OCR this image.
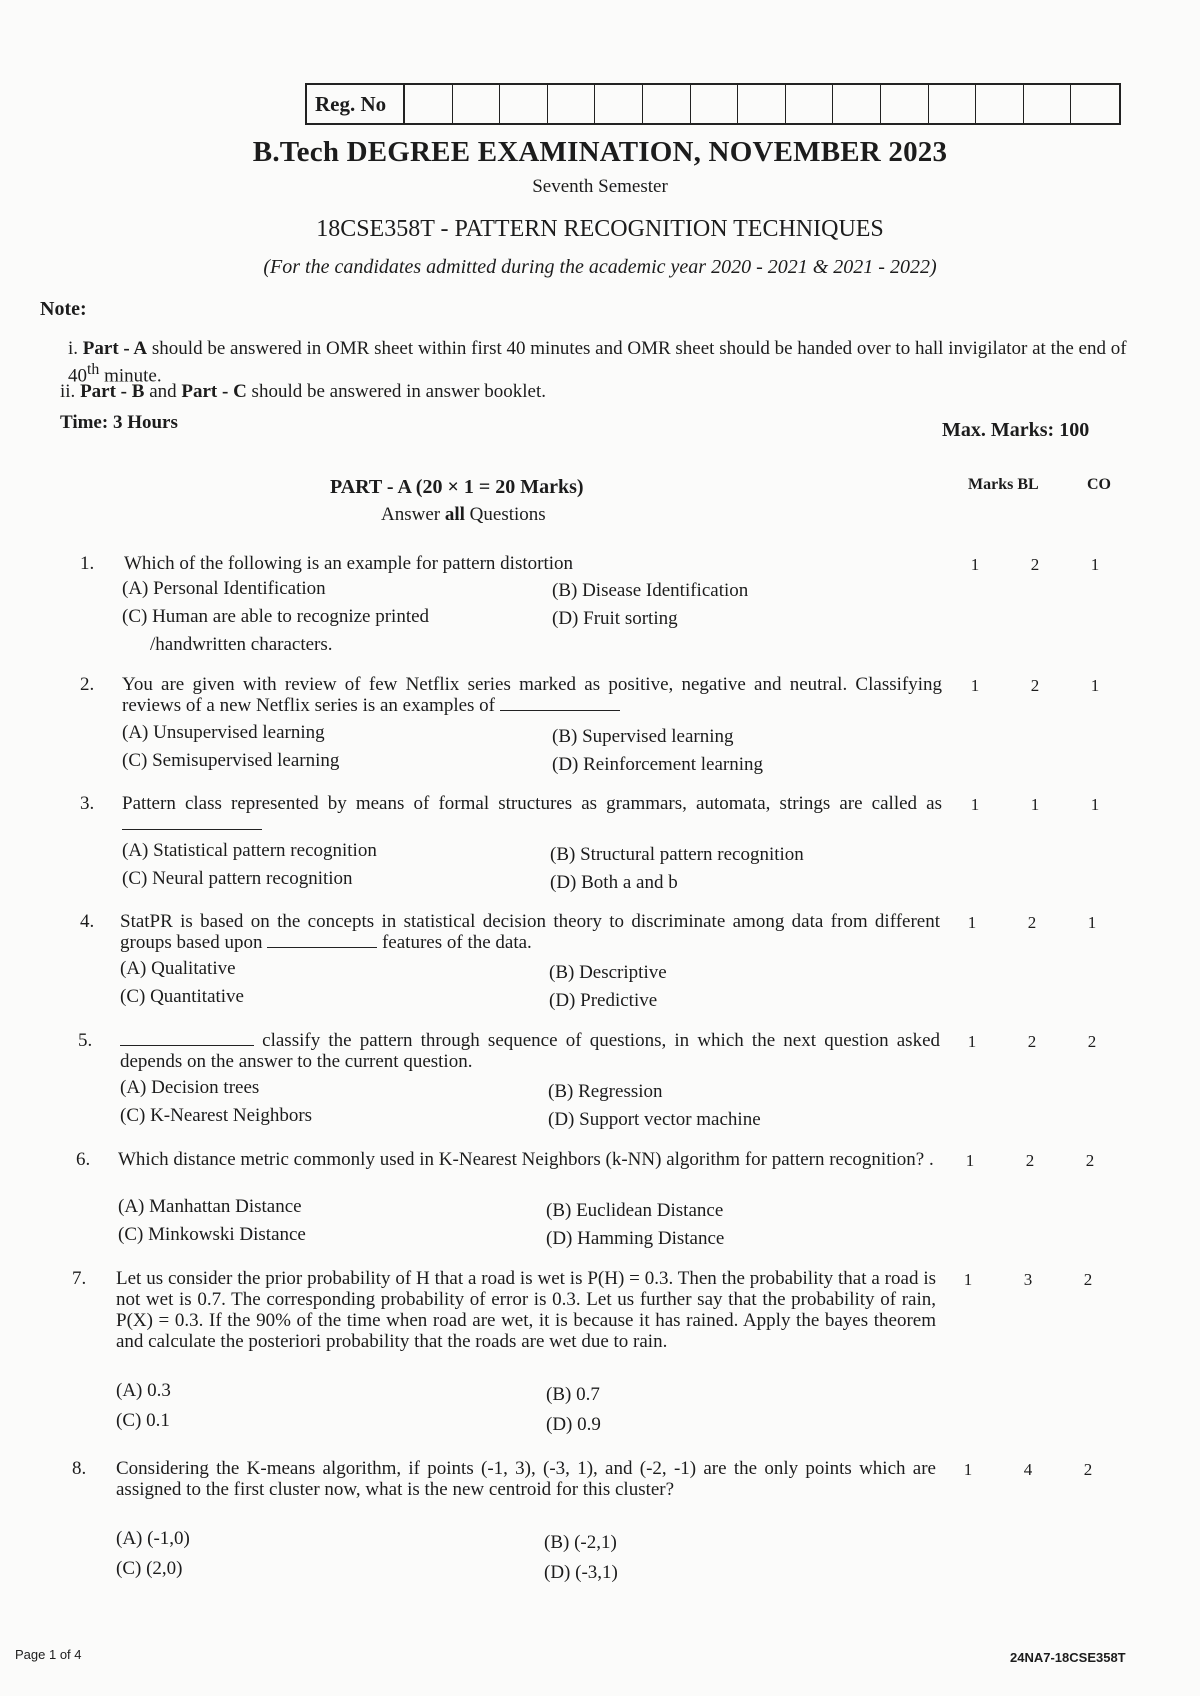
Reg. No
B.Tech DEGREE EXAMINATION, NOVEMBER 2023
Seventh Semester
18CSE358T - PATTERN RECOGNITION TECHNIQUES
(For the candidates admitted during the academic year 2020 - 2021 & 2021 - 2022)
Note:
i. Part - A should be answered in OMR sheet within first 40 minutes and OMR sheet should be handed over to hall invigilator at the end of 40th minute.
ii. Part - B and Part - C should be answered in answer booklet.
Time: 3 Hours	Max. Marks: 100
PART - A (20 × 1 = 20 Marks)
Answer all Questions
Marks BL	CO
1. Which of the following is an example for pattern distortion
(A) Personal Identification	(B) Disease Identification
(C) Human are able to recognize printed
/handwritten characters.
(D) Fruit sorting
1	2	1
2. You are given with review of few Netflix series marked as positive, negative and neutral. Classifying reviews of a new Netflix series is an examples of
(A) Unsupervised learning	(B) Supervised learning
(C) Semisupervised learning	(D) Reinforcement learning
1	2	1
3. Pattern class represented by means of formal structures as grammars, automata, strings are called as
(A) Statistical pattern recognition	(B) Structural pattern recognition
(C) Neural pattern recognition	(D) Both a and b
1	1	1
4. StatPR is based on the concepts in statistical decision theory to discriminate among data from different groups based upon	features of the data.
(A) Qualitative	(B) Descriptive
(C) Quantitative	(D) Predictive
1	2	1
5.	classify the pattern through sequence of questions, in which the next question asked depends on the answer to the current question.
(A) Decision trees	(B) Regression
(C) K-Nearest Neighbors	(D) Support vector machine
1	2	2
6. Which distance metric commonly used in K-Nearest Neighbors (k-NN) algorithm for pattern recognition? .
(A) Manhattan Distance	(B) Euclidean Distance
(C) Minkowski Distance	(D) Hamming Distance
1	2	2
7. Let us consider the prior probability of H that a road is wet is P(H) = 0.3. Then the probability that a road is not wet is 0.7. The corresponding probability of error is 0.3. Let us further say that the probability of rain, P(X) = 0.3. If the 90% of the time when road are wet, it is because it has rained. Apply the bayes theorem and calculate the posteriori probability that the roads are wet due to rain.
(A) 0.3	(B) 0.7
(C) 0.1	(D) 0.9
1	3	2
8. Considering the K-means algorithm, if points (-1, 3), (-3, 1), and (-2, -1) are the only points which are assigned to the first cluster now, what is the new centroid for this cluster?
(A) (-1,0)	(B) (-2,1)
(C) (2,0)	(D) (-3,1)
1	4	2
Page 1 of 4	24NA7-18CSE358T
